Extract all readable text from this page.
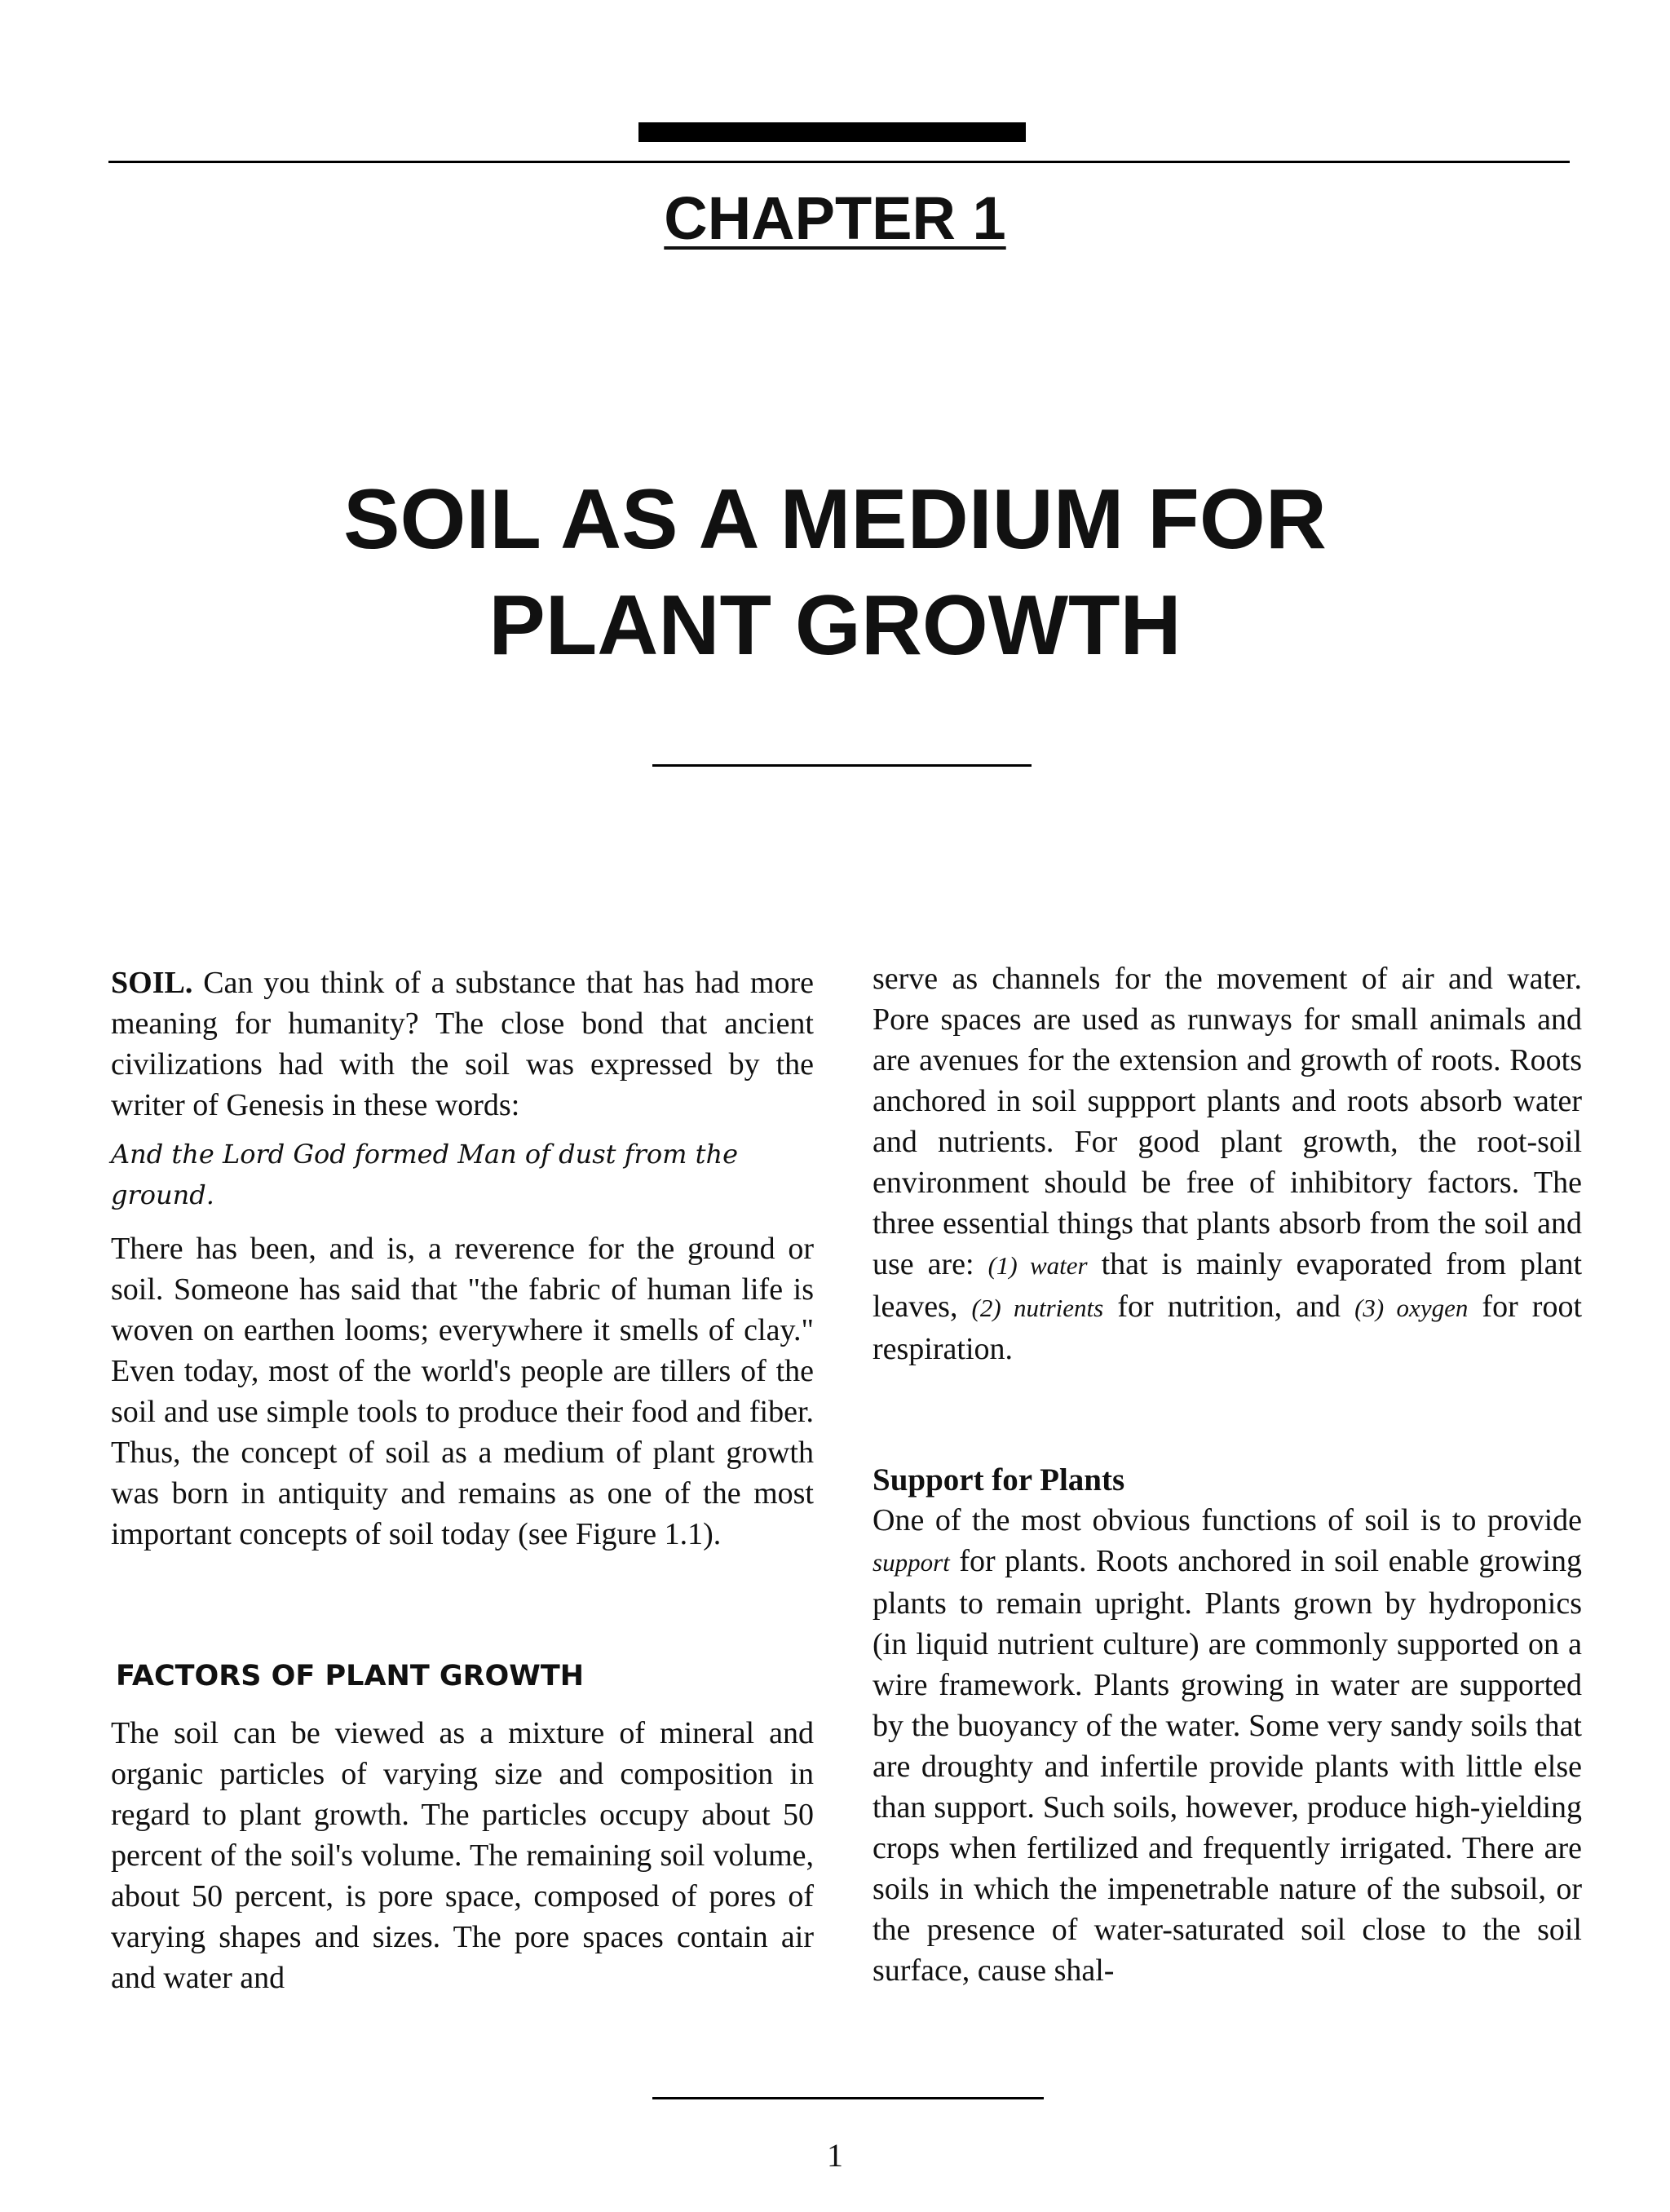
CHAPTER 1
SOIL AS A MEDIUM FOR
PLANT GROWTH

SOIL. Can you think of a substance that has had more meaning for humanity? The close bond that ancient civilizations had with the soil was expressed by the writer of Genesis in these words:

And the Lord God formed Man of dust from the ground.

There has been, and is, a reverence for the ground or soil. Someone has said that "the fabric of human life is woven on earthen looms; everywhere it smells of clay." Even today, most of the world's people are tillers of the soil and use simple tools to produce their food and fiber. Thus, the concept of soil as a medium of plant growth was born in antiquity and remains as one of the most important concepts of soil today (see Figure 1.1).

FACTORS OF PLANT GROWTH

The soil can be viewed as a mixture of mineral and organic particles of varying size and composition in regard to plant growth. The particles occupy about 50 percent of the soil's volume. The remaining soil volume, about 50 percent, is pore space, composed of pores of varying shapes and sizes. The pore spaces contain air and water and

serve as channels for the movement of air and water. Pore spaces are used as runways for small animals and are avenues for the extension and growth of roots. Roots anchored in soil suppport plants and roots absorb water and nutrients. For good plant growth, the root-soil environment should be free of inhibitory factors. The three essential things that plants absorb from the soil and use are: (1) water that is mainly evaporated from plant leaves, (2) nutrients for nutrition, and (3) oxygen for root respiration.

Support for Plants

One of the most obvious functions of soil is to provide support for plants. Roots anchored in soil enable growing plants to remain upright. Plants grown by hydroponics (in liquid nutrient culture) are commonly supported on a wire framework. Plants growing in water are supported by the buoyancy of the water. Some very sandy soils that are droughty and infertile provide plants with little else than support. Such soils, however, produce high-yielding crops when fertilized and frequently irrigated. There are soils in which the impenetrable nature of the subsoil, or the presence of water-saturated soil close to the soil surface, cause shal-

1
